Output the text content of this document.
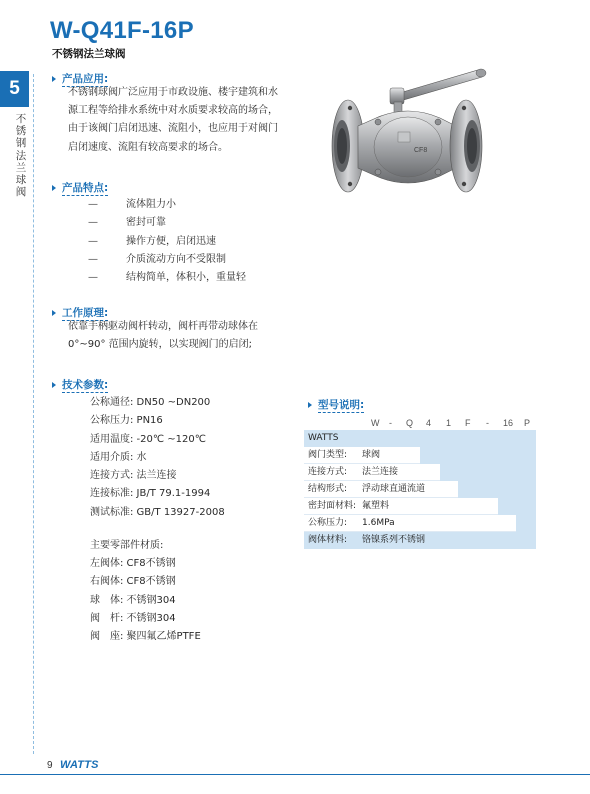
W-Q41F-16P
不锈钢法兰球阀
5
不锈钢法兰球阀
产品应用:
不锈钢球阀广泛应用于市政设施、楼宇建筑和水
源工程等给排水系统中对水质要求较高的场合，
由于该阀门启闭迅速、流阻小，也应用于对阀门
启闭速度、流阻有较高要求的场合。	CF8
产品特点:
—	流体阻力小
—	密封可靠
—	操作方便，启闭迅速
—	介质流动方向不受限制
—	结构简单，体积小，重量轻
工作原理:
依靠手柄驱动阀杆转动，阀杆再带动球体在
0°~90° 范围内旋转，以实现阀门的启闭;
技术参数:
公称通径: DN50 ~DN200
公称压力: PN16
适用温度: -20℃ ~120℃
适用介质: 水
连接方式: 法兰连接
连接标准: JB/T 79.1-1994
测试标准: GB/T 13927-2008
主要零部件材质:
左阀体: CF8不锈钢
右阀体: CF8不锈钢
球　体: 不锈钢304
阀　杆: 不锈钢304
阀　座: 聚四氟乙烯PTFE
型号说明:
W - Q 4 1 F - 16 P
WATTS
阀门类型: 球阀
连接方式: 法兰连接
结构形式: 浮动球直通流道
密封面材料: 氟塑料
公称压力: 1.6MPa
阀体材料: 铬镍系列不锈钢
9 WATTS
